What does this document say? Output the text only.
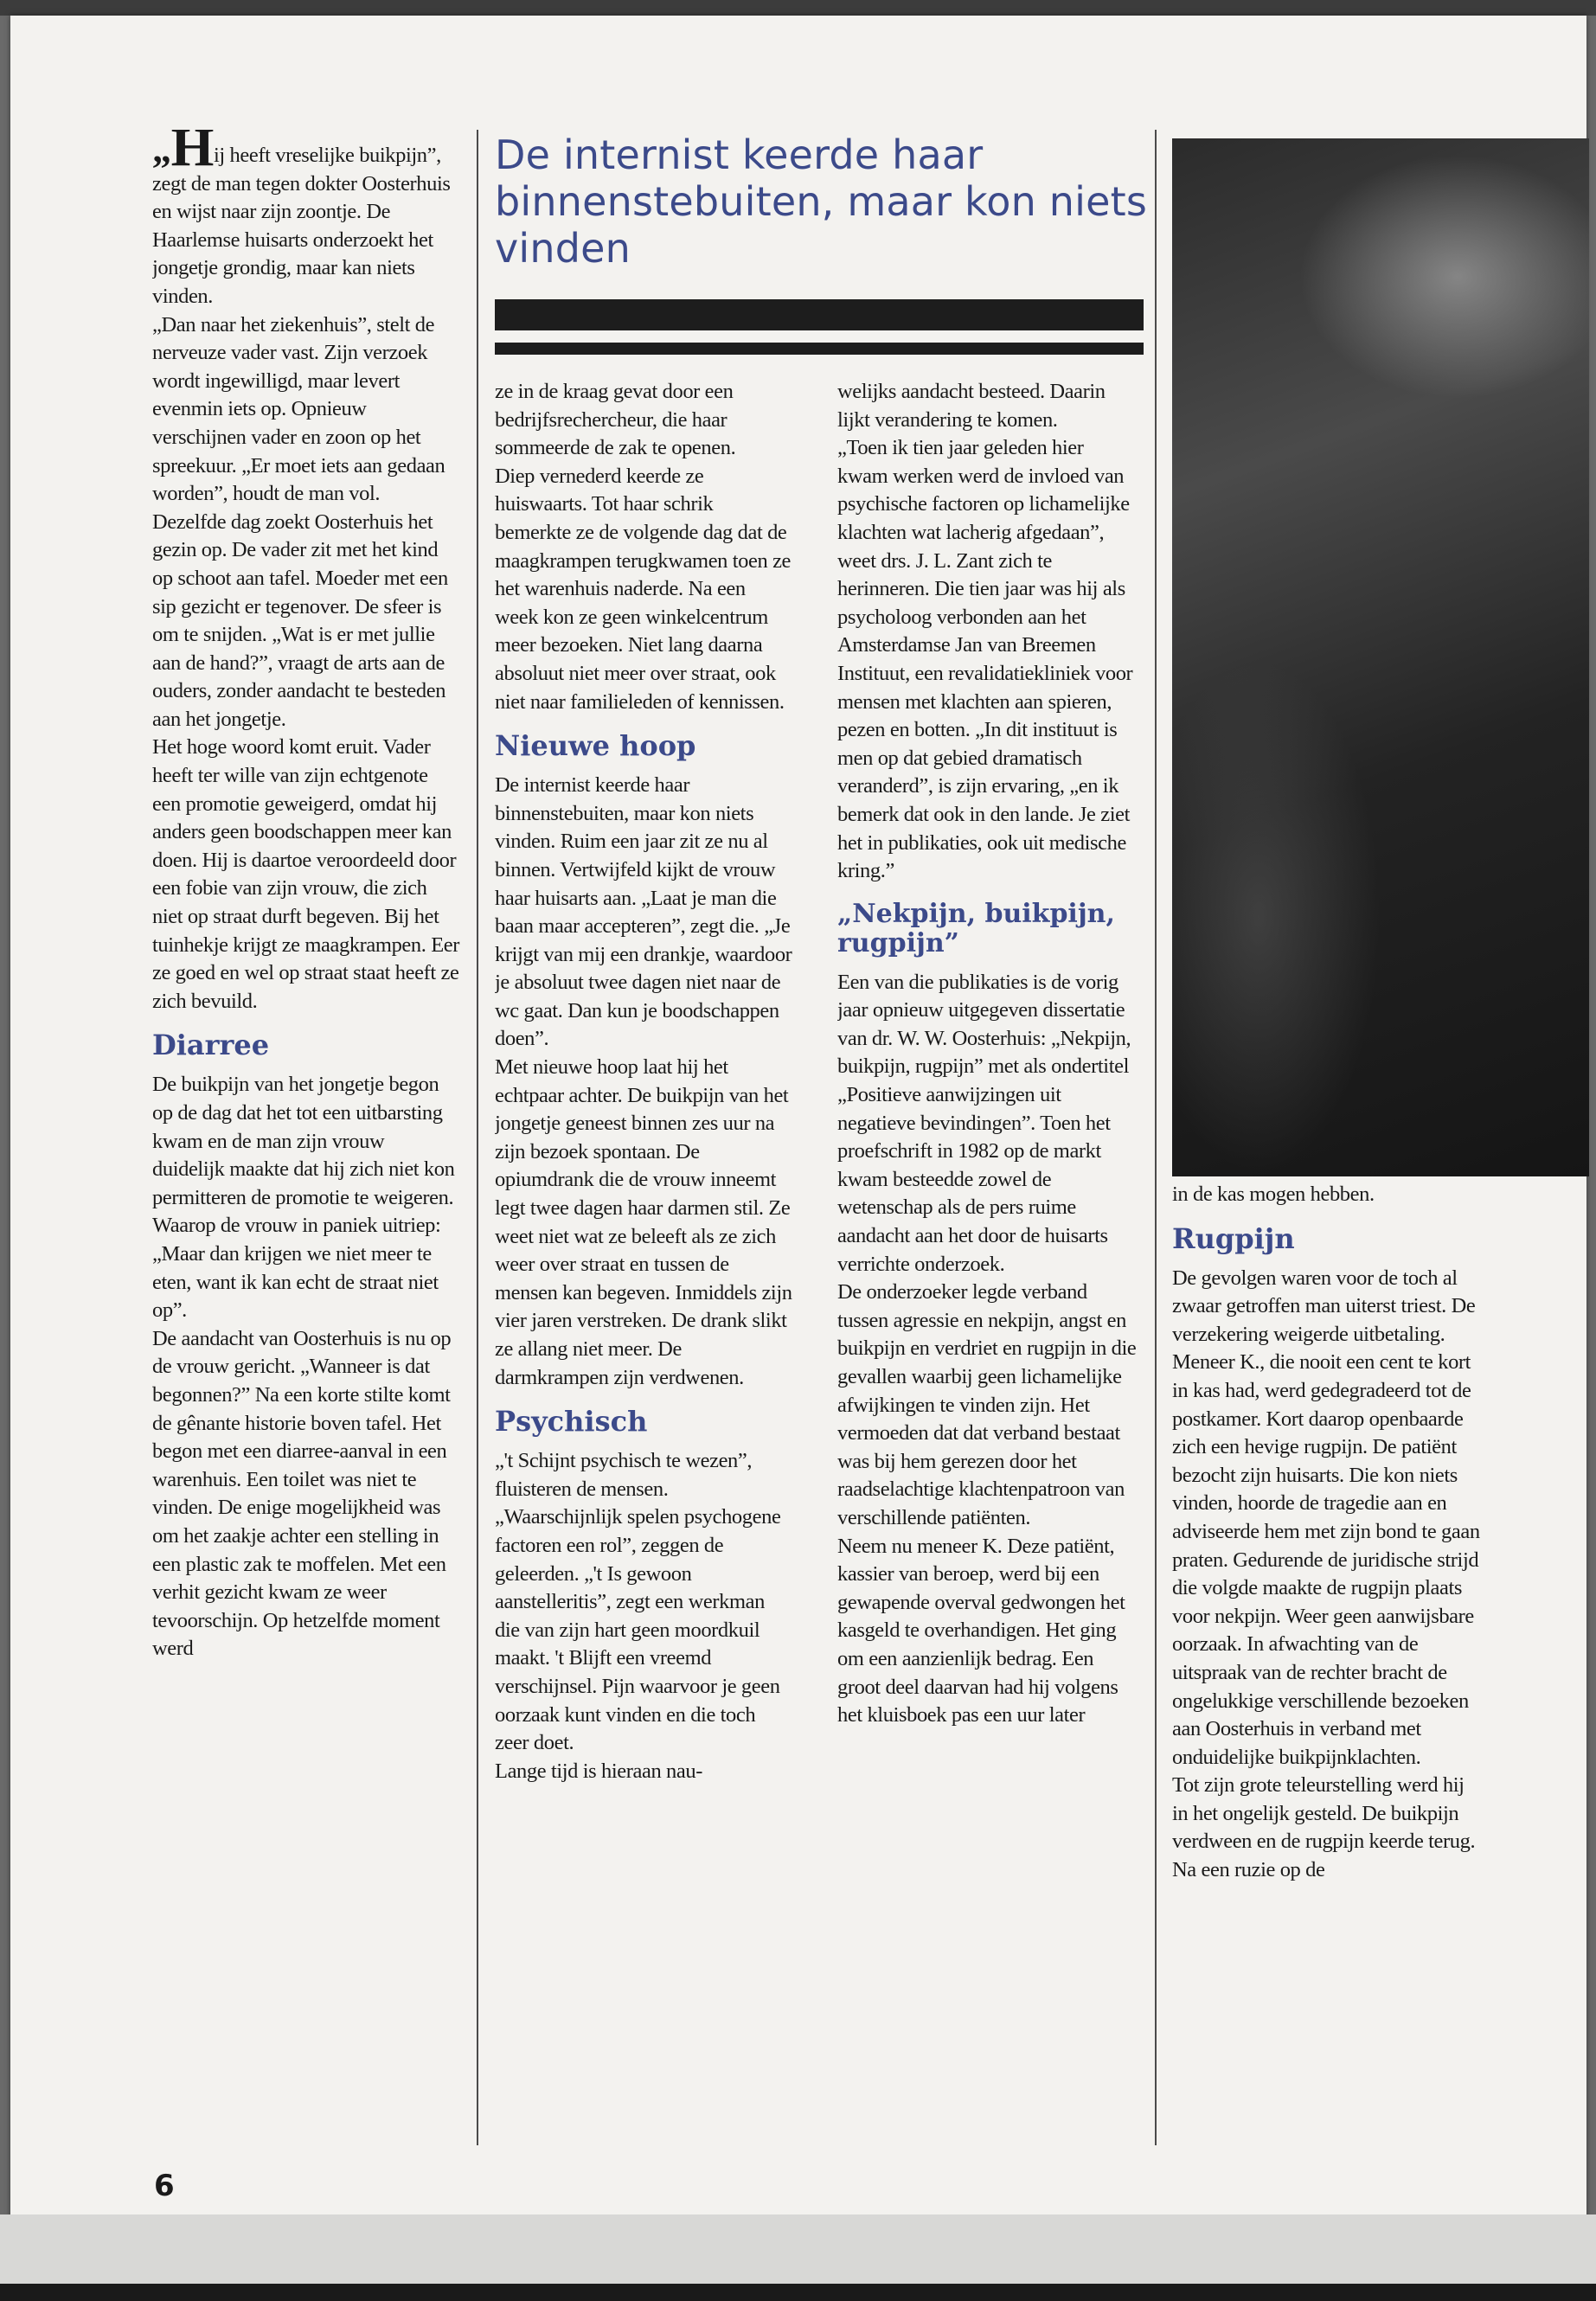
De internist keerde haar binnenstebuiten, maar kon niets vinden

„Hij heeft vreselijke buikpijn”, zegt de man tegen dokter Oosterhuis en wijst naar zijn zoontje. De Haarlemse huisarts onderzoekt het jongetje grondig, maar kan niets vinden.

„Dan naar het ziekenhuis”, stelt de nerveuze vader vast. Zijn verzoek wordt ingewilligd, maar levert evenmin iets op. Opnieuw verschijnen vader en zoon op het spreekuur. „Er moet iets aan gedaan worden”, houdt de man vol.

Dezelfde dag zoekt Oosterhuis het gezin op. De vader zit met het kind op schoot aan tafel. Moeder met een sip gezicht er tegenover. De sfeer is om te snijden. „Wat is er met jullie aan de hand?”, vraagt de arts aan de ouders, zonder aandacht te besteden aan het jongetje.

Het hoge woord komt eruit. Vader heeft ter wille van zijn echtgenote een promotie geweigerd, omdat hij anders geen boodschappen meer kan doen. Hij is daartoe veroordeeld door een fobie van zijn vrouw, die zich niet op straat durft begeven. Bij het tuinhekje krijgt ze maagkrampen. Eer ze goed en wel op straat staat heeft ze zich bevuild.

Diarree

De buikpijn van het jongetje begon op de dag dat het tot een uitbarsting kwam en de man zijn vrouw duidelijk maakte dat hij zich niet kon permitteren de promotie te weigeren.

Waarop de vrouw in paniek uitriep: „Maar dan krijgen we niet meer te eten, want ik kan echt de straat niet op”.

De aandacht van Oosterhuis is nu op de vrouw gericht. „Wanneer is dat begonnen?” Na een korte stilte komt de gênante historie boven tafel. Het begon met een diarree-aanval in een warenhuis. Een toilet was niet te vinden. De enige mogelijkheid was om het zaakje achter een stelling in een plastic zak te moffelen. Met een verhit gezicht kwam ze weer tevoorschijn. Op hetzelfde moment werd

ze in de kraag gevat door een bedrijfsrechercheur, die haar sommeerde de zak te openen.

Diep vernederd keerde ze huiswaarts. Tot haar schrik bemerkte ze de volgende dag dat de maagkrampen terugkwamen toen ze het warenhuis naderde. Na een week kon ze geen winkelcentrum meer bezoeken. Niet lang daarna absoluut niet meer over straat, ook niet naar familieleden of kennissen.

Nieuwe hoop

De internist keerde haar binnenstebuiten, maar kon niets vinden. Ruim een jaar zit ze nu al binnen. Vertwijfeld kijkt de vrouw haar huisarts aan. „Laat je man die baan maar accepteren”, zegt die. „Je krijgt van mij een drankje, waardoor je absoluut twee dagen niet naar de wc gaat. Dan kun je boodschappen doen”.

Met nieuwe hoop laat hij het echtpaar achter. De buikpijn van het jongetje geneest binnen zes uur na zijn bezoek spontaan. De opiumdrank die de vrouw inneemt legt twee dagen haar darmen stil. Ze weet niet wat ze beleeft als ze zich weer over straat en tussen de mensen kan begeven. Inmiddels zijn vier jaren verstreken. De drank slikt ze allang niet meer. De darmkrampen zijn verdwenen.

Psychisch

„'t Schijnt psychisch te wezen”, fluisteren de mensen. „Waarschijnlijk spelen psychogene factoren een rol”, zeggen de geleerden. „'t Is gewoon aanstelleritis”, zegt een werkman die van zijn hart geen moordkuil maakt. 't Blijft een vreemd verschijnsel. Pijn waarvoor je geen oorzaak kunt vinden en die toch zeer doet.

Lange tijd is hieraan nau-

welijks aandacht besteed. Daarin lijkt verandering te komen.

„Toen ik tien jaar geleden hier kwam werken werd de invloed van psychische factoren op lichamelijke klachten wat lacherig afgedaan”, weet drs. J. L. Zant zich te herinneren. Die tien jaar was hij als psycholoog verbonden aan het Amsterdamse Jan van Breemen Instituut, een revalidatiekliniek voor mensen met klachten aan spieren, pezen en botten. „In dit instituut is men op dat gebied dramatisch veranderd”, is zijn ervaring, „en ik bemerk dat ook in den lande. Je ziet het in publikaties, ook uit medische kring.”

„Nekpijn, buikpijn, rugpijn”

Een van die publikaties is de vorig jaar opnieuw uitgegeven dissertatie van dr. W. W. Oosterhuis: „Nekpijn, buikpijn, rugpijn” met als ondertitel „Positieve aanwijzingen uit negatieve bevindingen”. Toen het proefschrift in 1982 op de markt kwam besteedde zowel de wetenschap als de pers ruime aandacht aan het door de huisarts verrichte onderzoek.

De onderzoeker legde verband tussen agressie en nekpijn, angst en buikpijn en verdriet en rugpijn in die gevallen waarbij geen lichamelijke afwijkingen te vinden zijn. Het vermoeden dat dat verband bestaat was bij hem gerezen door het raadselachtige klachtenpatroon van verschillende patiënten.

Neem nu meneer K. Deze patiënt, kassier van beroep, werd bij een gewapende overval gedwongen het kasgeld te overhandigen. Het ging om een aanzienlijk bedrag. Een groot deel daarvan had hij volgens het kluisboek pas een uur later

in de kas mogen hebben.

Rugpijn

De gevolgen waren voor de toch al zwaar getroffen man uiterst triest. De verzekering weigerde uitbetaling. Meneer K., die nooit een cent te kort in kas had, werd gedegradeerd tot de postkamer. Kort daarop openbaarde zich een hevige rugpijn. De patiënt bezocht zijn huisarts. Die kon niets vinden, hoorde de tragedie aan en adviseerde hem met zijn bond te gaan praten. Gedurende de juridische strijd die volgde maakte de rugpijn plaats voor nekpijn. Weer geen aanwijsbare oorzaak. In afwachting van de uitspraak van de rechter bracht de ongelukkige verschillende bezoeken aan Oosterhuis in verband met onduidelijke buikpijnklachten.

Tot zijn grote teleurstelling werd hij in het ongelijk gesteld. De buikpijn verdween en de rugpijn keerde terug. Na een ruzie op de

6
